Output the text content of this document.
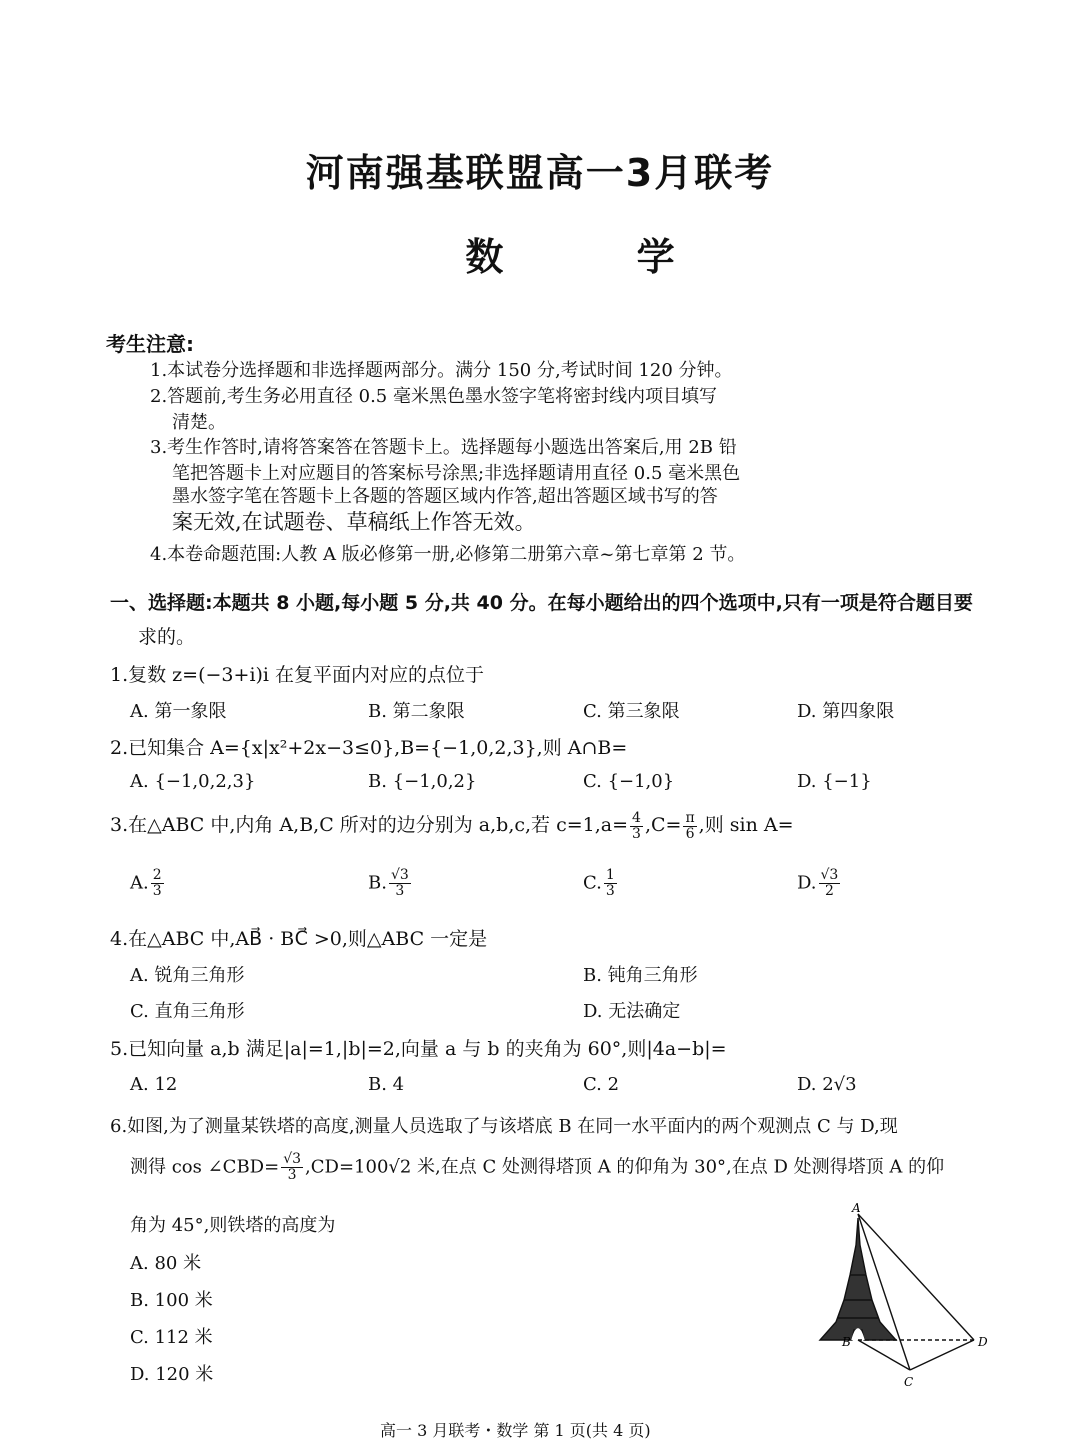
河南强基联盟高一3月联考
数 学
考生注意:
1.本试卷分选择题和非选择题两部分。满分 150 分,考试时间 120 分钟。
2.答题前,考生务必用直径 0.5 毫米黑色墨水签字笔将密封线内项目填写
清楚。
3.考生作答时,请将答案答在答题卡上。选择题每小题选出答案后,用 2B 铅
笔把答题卡上对应题目的答案标号涂黑;非选择题请用直径 0.5 毫米黑色
墨水签字笔在答题卡上各题的答题区域内作答,超出答题区域书写的答
案无效,在试题卷、草稿纸上作答无效。
4.本卷命题范围:人教 A 版必修第一册,必修第二册第六章~第七章第 2 节。
一、选择题:本题共 8 小题,每小题 5 分,共 40 分。在每小题给出的四个选项中,只有一项是符合题目要
求的。
1.复数 z=(−3+i)i 在复平面内对应的点位于
A. 第一象限	B. 第二象限	C. 第三象限	D. 第四象限
2.已知集合 A={x|x²+2x−3≤0},B={−1,0,2,3},则 A∩B=
A. {−1,0,2,3}	B. {−1,0,2}	C. {−1,0}	D. {−1}
3.在△ABC 中,内角 A,B,C 所对的边分别为 a,b,c,若 $c=1,a= \frac{4}{3} ,C= \frac{\pi}{6}$ ,则 sin A=
A. $\frac{2}{3}$	B. $\frac{√3}{3}$	C. $\frac{1}{3}$	D. $\frac{√3}{2}$
4.在△ABC 中,AB⃗ · BC⃗ >0,则△ABC 一定是
A. 锐角三角形	B. 钝角三角形
C. 直角三角形	D. 无法确定
5.已知向量 a,b 满足|a|=1,|b|=2,向量 a 与 b 的夹角为 60°,则|4a−b|=
A. 12	B. 4	C. 2	D. 2√3
6.如图,为了测量某铁塔的高度,测量人员选取了与该塔底 B 在同一水平面内的两个观测点 C 与 D,现
测得 cos ∠CBD= $\frac{√3}{3} ,CD=100√2$ 米,在点 C 处测得塔顶 A 的仰角为 30°,在点 D 处测得塔顶 A 的仰
角为 45°,则铁塔的高度为
A. 80 米
B. 100 米
C. 112 米
D. 120 米
A
B
C
D
高一 3 月联考・数学 第 1 页(共 4 页)
